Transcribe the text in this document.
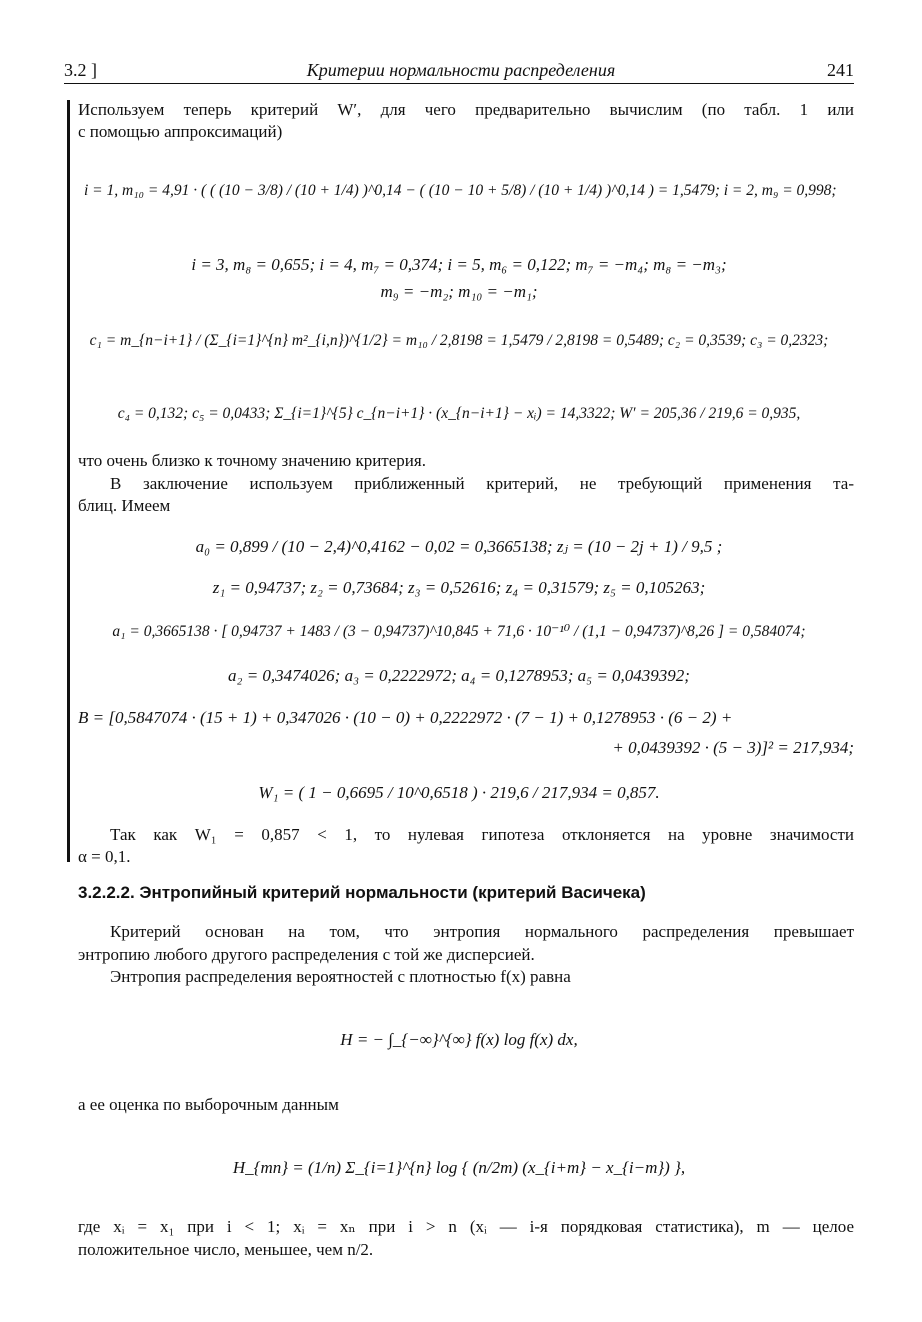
3.2 ]	Критерии нормальности распределения	241
Используем теперь критерий W′, для чего предварительно вычислим (по табл. 1 или
с помощью аппроксимаций)
i = 1, m₁₀ = 4,91 · ( ( (10 − 3/8) / (10 + 1/4) )^0,14 − ( (10 − 10 + 5/8) / (10 + 1/4) )^0,14 ) = 1,5479; i = 2, m₉ = 0,998;
i = 3, m₈ = 0,655; i = 4, m₇ = 0,374; i = 5, m₆ = 0,122; m₇ = −m₄; m₈ = −m₃;
m₉ = −m₂; m₁₀ = −m₁;
c₁ = m_{n−i+1} / (Σ_{i=1}^{n} m²_{i,n})^{1/2} = m₁₀ / 2,8198 = 1,5479 / 2,8198 = 0,5489; c₂ = 0,3539; c₃ = 0,2323;
c₄ = 0,132; c₅ = 0,0433; Σ_{i=1}^{5} c_{n−i+1} · (x_{n−i+1} − xᵢ) = 14,3322; W′ = 205,36 / 219,6 = 0,935,
что очень близко к точному значению критерия.
В заключение используем приближенный критерий, не требующий применения та-
блиц. Имеем
a₀ = 0,899 / (10 − 2,4)^0,4162 − 0,02 = 0,3665138; zⱼ = (10 − 2j + 1) / 9,5 ;
z₁ = 0,94737; z₂ = 0,73684; z₃ = 0,52616; z₄ = 0,31579; z₅ = 0,105263;
a₁ = 0,3665138 · [ 0,94737 + 1483 / (3 − 0,94737)^10,845 + 71,6 · 10⁻¹⁰ / (1,1 − 0,94737)^8,26 ] = 0,584074;
a₂ = 0,3474026; a₃ = 0,2222972; a₄ = 0,1278953; a₅ = 0,0439392;
B = [0,5847074 · (15 + 1) + 0,347026 · (10 − 0) + 0,2222972 · (7 − 1) + 0,1278953 · (6 − 2) +
+ 0,0439392 · (5 − 3)]² = 217,934;
W₁ = ( 1 − 0,6695 / 10^0,6518 ) · 219,6 / 217,934 = 0,857.
Так как W₁ = 0,857 < 1, то нулевая гипотеза отклоняется на уровне значимости
α = 0,1.
3.2.2.2. Энтропийный критерий нормальности (критерий Васичека)
Критерий основан на том, что энтропия нормального распределения превышает
энтропию любого другого распределения с той же дисперсией.
Энтропия распределения вероятностей с плотностью f(x) равна
H = − ∫_{−∞}^{∞} f(x) log f(x) dx,
а ее оценка по выборочным данным
H_{mn} = (1/n) Σ_{i=1}^{n} log { (n/2m) (x_{i+m} − x_{i−m}) },
где xᵢ = x₁ при i < 1; xᵢ = xₙ при i > n (xᵢ — i-я порядковая статистика), m — целое
положительное число, меньшее, чем n/2.
